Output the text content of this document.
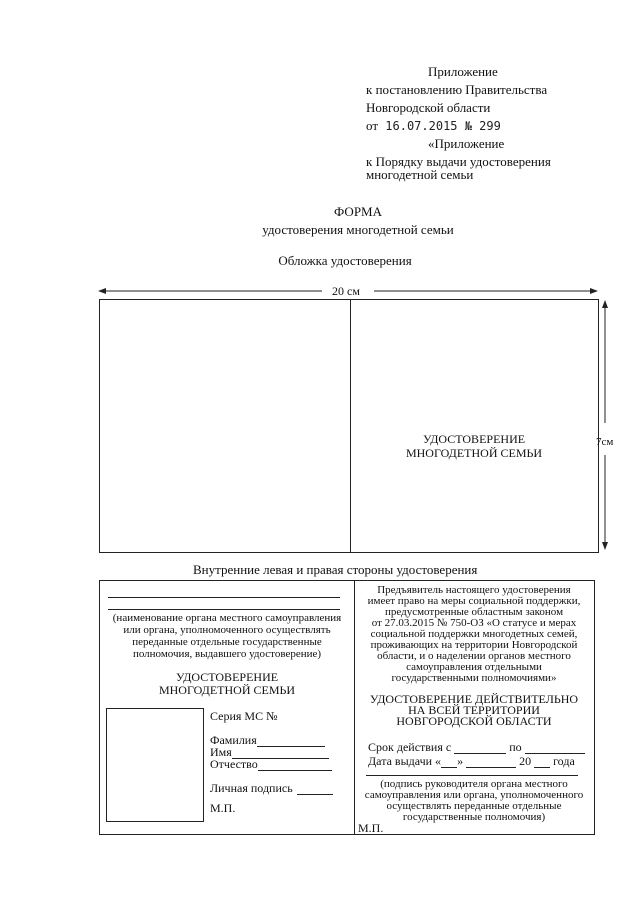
Приложение
к постановлению Правительства
Новгородской области
от 16.07.2015 № 299
«Приложение
к Порядку выдачи удостоверения
многодетной семьи
ФОРМА
удостоверения многодетной семьи
Обложка удостоверения
20 см
УДОСТОВЕРЕНИЕ
МНОГОДЕТНОЙ СЕМЬИ
7см
Внутренние левая и правая стороны удостоверения
(наименование органа местного самоуправления
или органа, уполномоченного осуществлять
переданные отдельные государственные
полномочия, выдавшего удостоверение)
УДОСТОВЕРЕНИЕ
МНОГОДЕТНОЙ СЕМЬИ
Серия МС №
Фамилия
Имя
Отчество
Личная подпись
М.П.
Предъявитель настоящего удостоверения
имеет право на меры социальной поддержки,
предусмотренные областным законом
от 27.03.2015 № 750-ОЗ «О статусе и мерах
социальной поддержки многодетных семей,
проживающих на территории Новгородской
области, и о наделении органов местного
самоуправления отдельными
государственными полномочиями»
УДОСТОВЕРЕНИЕ ДЕЙСТВИТЕЛЬНО
НА ВСЕЙ ТЕРРИТОРИИ
НОВГОРОДСКОЙ ОБЛАСТИ
Срок действия с	по
Дата выдачи « »	20 года
(подпись руководителя органа местного
самоуправления или органа, уполномоченного
осуществлять переданные отдельные
государственные полномочия)
М.П.
